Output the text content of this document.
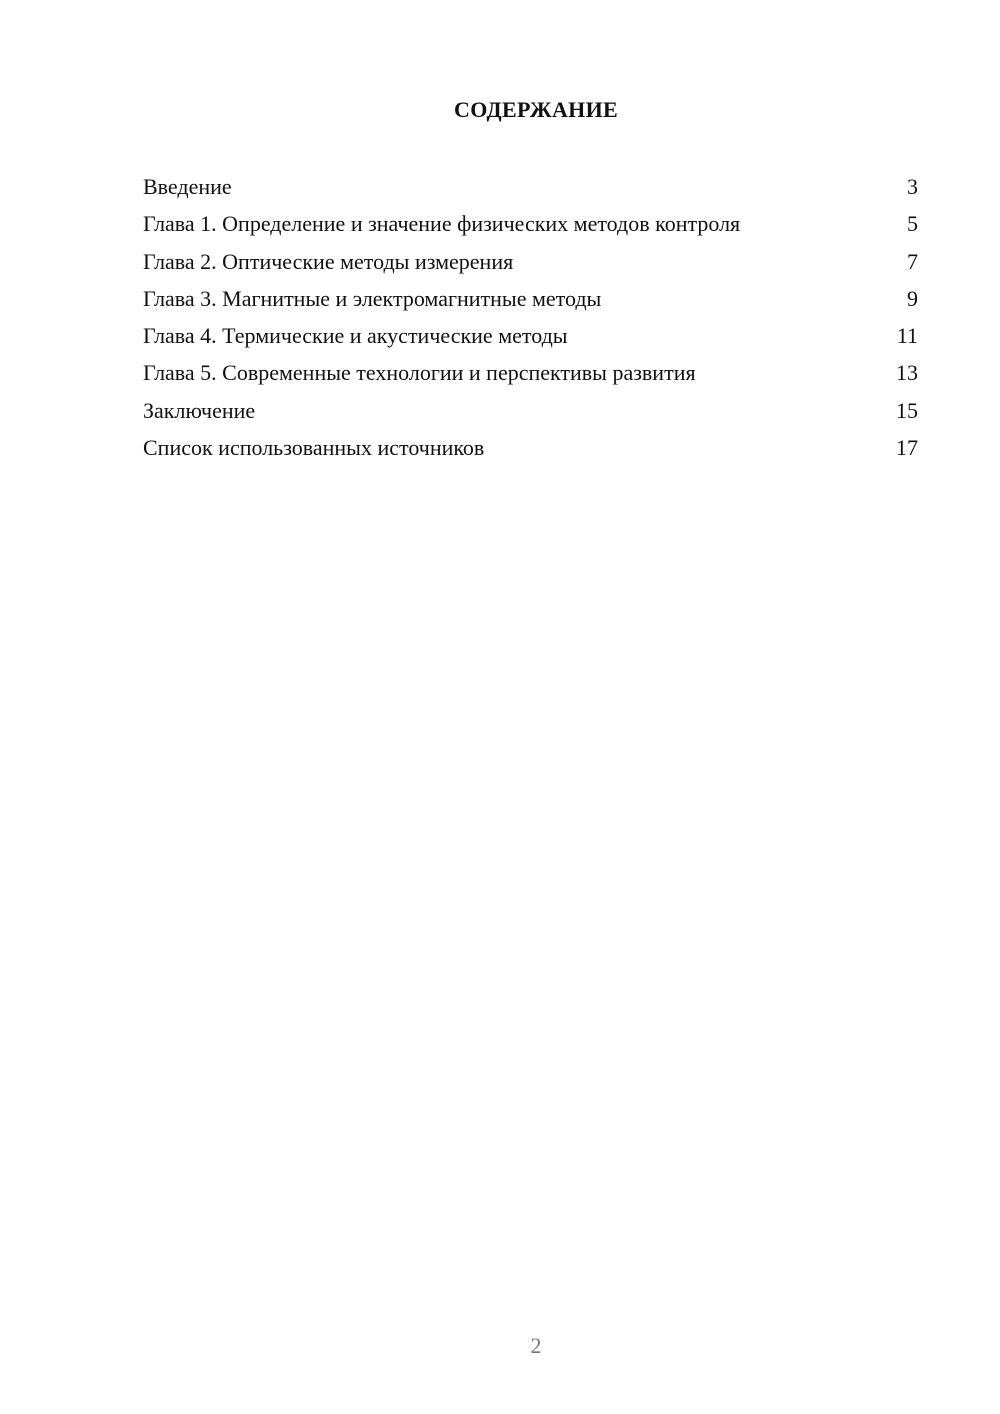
СОДЕРЖАНИЕ
Введение	3
Глава 1. Определение и значение физических методов контроля	5
Глава 2. Оптические методы измерения	7
Глава 3. Магнитные и электромагнитные методы	9
Глава 4. Термические и акустические методы	11
Глава 5. Современные технологии и перспективы развития	13
Заключение	15
Список использованных источников	17
2
